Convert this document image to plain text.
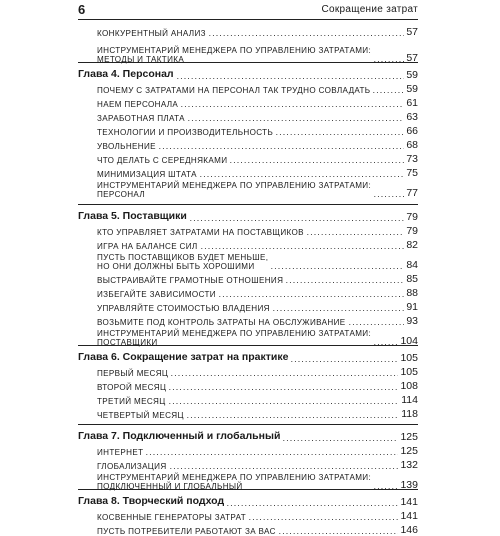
6	Сокращение затрат
КОНКУРЕНТНЫЙ АНАЛИЗ	57
ИНСТРУМЕНТАРИЙ МЕНЕДЖЕРА ПО УПРАВЛЕНИЮ ЗАТРАТАМИ:
МЕТОДЫ И ТАКТИКА	57
Глава 4. Персонал	59
ПОЧЕМУ С ЗАТРАТАМИ НА ПЕРСОНАЛ ТАК ТРУДНО СОВЛАДАТЬ	59
НАЕМ ПЕРСОНАЛА	61
ЗАРАБОТНАЯ ПЛАТА	63
ТЕХНОЛОГИИ И ПРОИЗВОДИТЕЛЬНОСТЬ	66
УВОЛЬНЕНИЕ	68
ЧТО ДЕЛАТЬ С СЕРЕДНЯКАМИ	73
МИНИМИЗАЦИЯ ШТАТА	75
ИНСТРУМЕНТАРИЙ МЕНЕДЖЕРА ПО УПРАВЛЕНИЮ ЗАТРАТАМИ:
ПЕРСОНАЛ	77
Глава 5. Поставщики	79
КТО УПРАВЛЯЕТ ЗАТРАТАМИ НА ПОСТАВЩИКОВ	79
ИГРА НА БАЛАНСЕ СИЛ	82
ПУСТЬ ПОСТАВЩИКОВ БУДЕТ МЕНЬШЕ,
НО ОНИ ДОЛЖНЫ БЫТЬ ХОРОШИМИ	84
ВЫСТРАИВАЙТЕ ГРАМОТНЫЕ ОТНОШЕНИЯ	85
ИЗБЕГАЙТЕ ЗАВИСИМОСТИ	88
УПРАВЛЯЙТЕ СТОИМОСТЬЮ ВЛАДЕНИЯ	91
ВОЗЬМИТЕ ПОД КОНТРОЛЬ ЗАТРАТЫ НА ОБСЛУЖИВАНИЕ	93
ИНСТРУМЕНТАРИЙ МЕНЕДЖЕРА ПО УПРАВЛЕНИЮ ЗАТРАТАМИ:
ПОСТАВЩИКИ	104
Глава 6. Сокращение затрат на практике	105
ПЕРВЫЙ МЕСЯЦ	105
ВТОРОЙ МЕСЯЦ	108
ТРЕТИЙ МЕСЯЦ	114
ЧЕТВЕРТЫЙ МЕСЯЦ	118
Глава 7. Подключенный и глобальный	125
ИНТЕРНЕТ	125
ГЛОБАЛИЗАЦИЯ	132
ИНСТРУМЕНТАРИЙ МЕНЕДЖЕРА ПО УПРАВЛЕНИЮ ЗАТРАТАМИ:
ПОДКЛЮЧЕННЫЙ И ГЛОБАЛЬНЫЙ	139
Глава 8. Творческий подход	141
КОСВЕННЫЕ ГЕНЕРАТОРЫ ЗАТРАТ	141
ПУСТЬ ПОТРЕБИТЕЛИ РАБОТАЮТ ЗА ВАС	146
